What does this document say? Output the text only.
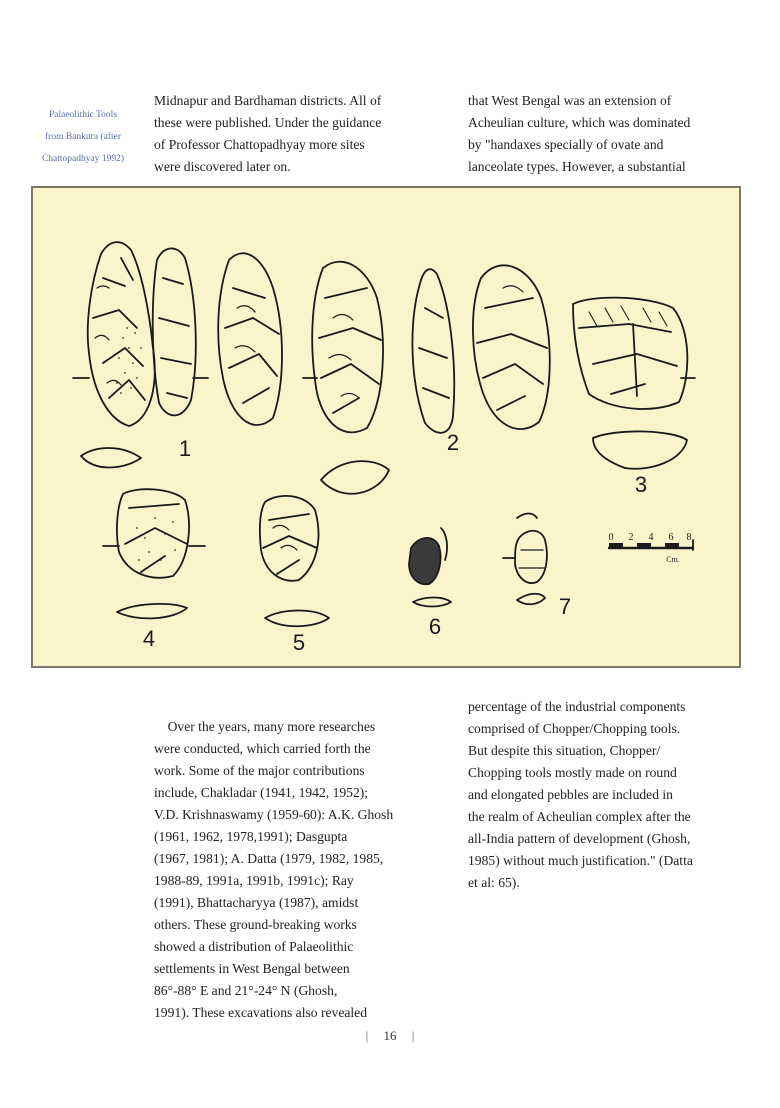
Palaeolithic Tools
from Bankura (after
Chattopadhyay 1992)
Midnapur and Bardhaman districts. All of
these were published. Under the guidance
of Professor Chattopadhyay more sites
were discovered later on.
that West Bengal was an extension of
Acheulian culture, which was dominated
by "handaxes specially of ovate and
lanceolate types. However, a substantial
0 2 4 6 8
Cm.
1	2
3
4	5
6
7
Over the years, many more researches
were conducted, which carried forth the
work. Some of the major contributions
include, Chakladar (1941, 1942, 1952);
V.D. Krishnaswamy (1959-60): A.K. Ghosh
(1961, 1962, 1978,1991); Dasgupta
(1967, 1981); A. Datta (1979, 1982, 1985,
1988-89, 1991a, 1991b, 1991c); Ray
(1991), Bhattacharyya (1987), amidst
others. These ground-breaking works
showed a distribution of Palaeolithic
settlements in West Bengal between
86°-88° E and 21°-24° N (Ghosh,
1991). These excavations also revealed
percentage of the industrial components
comprised of Chopper/Chopping tools.
But despite this situation, Chopper/
Chopping tools mostly made on round
and elongated pebbles are included in
the realm of Acheulian complex after the
all-India pattern of development (Ghosh,
1985) without much justification." (Datta
et al: 65).
| 16 |
